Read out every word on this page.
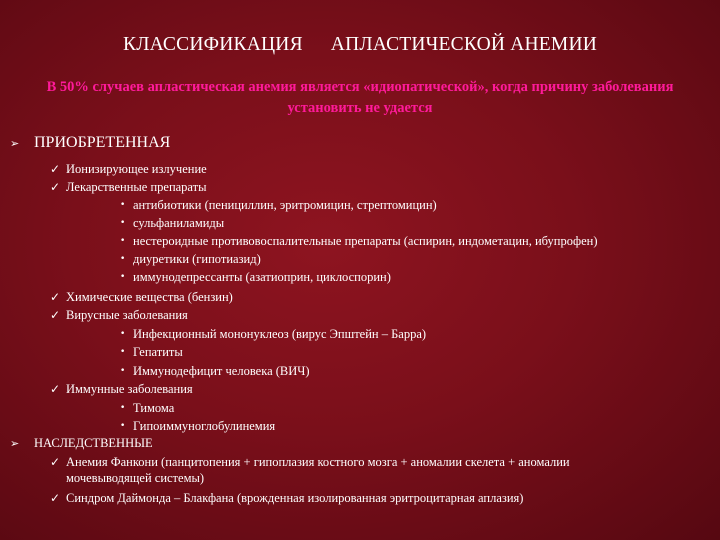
КЛАССИФИКАЦИЯ АПЛАСТИЧЕСКОЙ АНЕМИИ
В 50% случаев апластическая анемия является «идиопатической», когда причину заболевания установить не удается
➢ ПРИОБРЕТЕННАЯ
✓ Ионизирующее излучение
✓ Лекарственные препараты
• антибиотики (пенициллин, эритромицин, стрептомицин)
• сульфаниламиды
• нестероидные противовоспалительные препараты (аспирин, индометацин, ибупрофен)
• диуретики (гипотиазид)
• иммунодепрессанты (азатиоприн, циклоспорин)
✓ Химические вещества (бензин)
✓ Вирусные заболевания
• Инфекционный мононуклеоз (вирус Эпштейн – Барра)
• Гепатиты
• Иммунодефицит человека (ВИЧ)
✓ Иммунные заболевания
• Тимома
• Гипоиммуноглобулинемия
➢	НАСЛЕДСТВЕННЫЕ
✓ Анемия Фанкони (панцитопения + гипоплазия костного мозга + аномалии скелета + аномалии
мочевыводящей системы)
✓ Синдром Даймонда – Блакфана (врожденная изолированная эритроцитарная аплазия)
